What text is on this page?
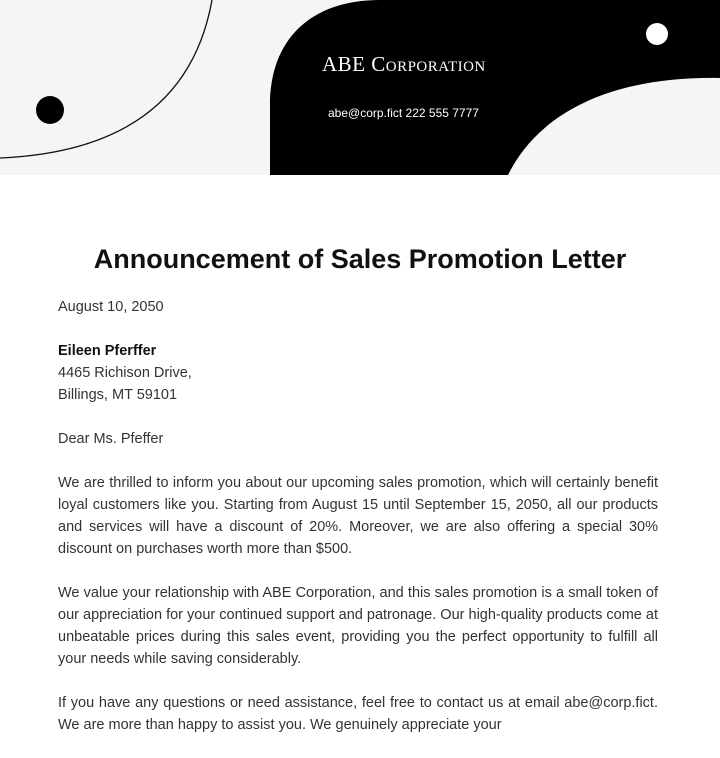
ABE Corporation
abe@corp.fict 222 555 7777
Announcement of Sales Promotion Letter

August 10, 2050

Eileen Pferffer

4465 Richison Drive,

Billings, MT 59101

Dear Ms. Pfeffer

We are thrilled to inform you about our upcoming sales promotion, which will certainly benefit loyal customers like you. Starting from August 15 until September 15, 2050, all our products and services will have a discount of 20%. Moreover, we are also offering a special 30% discount on purchases worth more than $500.

We value your relationship with ABE Corporation, and this sales promotion is a small token of our appreciation for your continued support and patronage. Our high-quality products come at unbeatable prices during this sales event, providing you the perfect opportunity to fulfill all your needs while saving considerably.

If you have any questions or need assistance, feel free to contact us at email abe@corp.fict. We are more than happy to assist you. We genuinely appreciate your
